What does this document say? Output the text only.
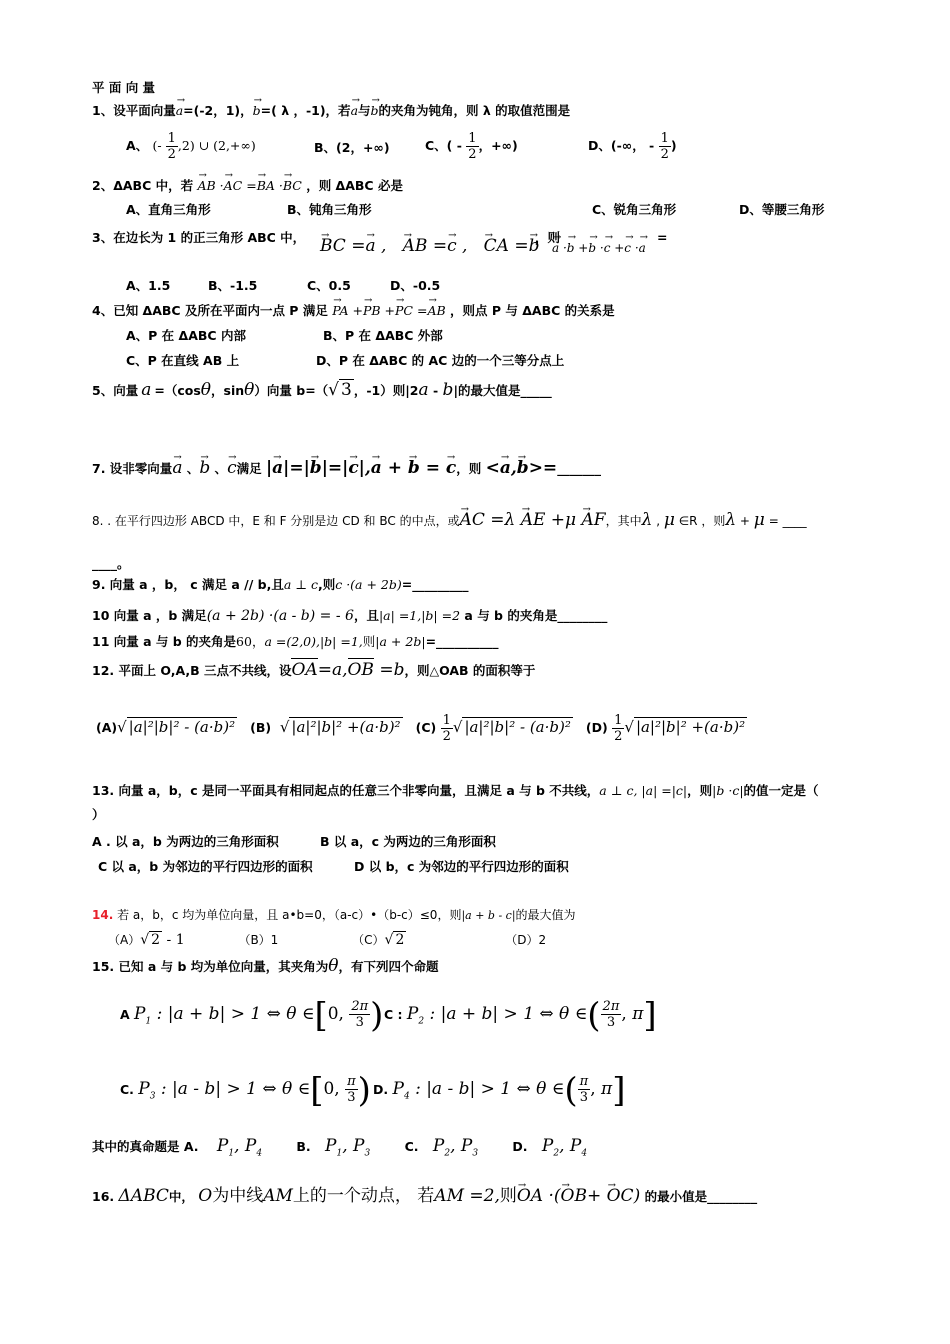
平 面 向 量
1、设平面向量→ a=(-2，1)，→ b=( λ ，-1)，若→ a与→ b的夹角为钝角，则 λ 的取值范围是
A、 (- $\frac{1}{2} ,2$) ∪ (2,+∞)	B、(2，+∞)	C、( - $\frac{1}{2}$ ，+∞)	D、(-∞， - $\frac{1}{2}$ )
2、ΔABC 中，若 → AB ·→ AC =→ BA ·→ BC ，则 ΔABC 必是
A、直角三角形	B、钝角三角形	C、锐角三角形	D、等腰三角形
3、在边长为 1 的正三角形 ABC 中， → BC =→ a ,   → AB =→ c ,   → CA =→ b
，则
→ a ·→ b +→ b ·→ c +→ c ·→ a
=
A、1.5	B、-1.5	C、0.5	D、-0.5
4、已知 ΔABC 及所在平面内一点 P 满足 → PA +→ PB +→ PC =→ AB ，则点 P 与 ΔABC 的关系是
A、P 在 ΔABC 内部	B、P 在 ΔABC 外部
C、P 在直线 AB 上	D、P 在 ΔABC 的 AC 边的一个三等分点上
5、向量 a =（cosθ，sinθ）向量 b=（√ 3 ，-1）则|2a - b|的最大值是_____
7. 设非零向量→ a 、→ b 、→ c满足 |→ a|=|→ b|=|→ c|,→ a + → b = → c，则 <→ a,→ b>=_______
8. . 在平行四边形 ABCD 中，E 和 F 分别是边 CD 和 BC 的中点，或→ AC =λ → AE +μ → AF，其中λ , μ ∈R ，则λ + μ = ____
____。
9. 向量 a ，b， c 满足 a // b,且a ⊥ c,则c ·(a + 2b)=_________
10 向量 a ，b 满足(a + 2b) ·(a - b) = - 6，且|a| =1,|b| =2 a 与 b 的夹角是________
11 向量 a 与 b 的夹角是60，a =(2,0),|b| =1,则|a + 2b|=__________
12. 平面上 O,A,B 三点不共线，设OA=a,OB =b，则△OAB 的面积等于
(A)√ |a|²|b|² - (a·b)² (B) √ |a|²|b|² +(a·b)² $(C) \frac{1}{2}$ √ |a|²|b|² - (a·b)² $(D) \frac{1}{2}$ √ |a|²|b|² +(a·b)²
13. 向量 a，b，c 是同一平面具有相同起点的任意三个非零向量，且满足 a 与 b 不共线，a ⊥ c, |a| =|c|，则|b ·c|的值一定是（
）
A . 以 a，b 为两边的三角形面积	B 以 a，c 为两边的三角形面积
C 以 a，b 为邻边的平行四边形的面积	D 以 b，c 为邻边的平行四边形的面积
14. 若 a，b，c 均为单位向量，且 a•b=0，（a-c）•（b-c）≤0，则|a + b - c|的最大值为
（A）√ 2 - 1	（B）1	（C）√ 2	（D）2
15. 已知 a 与 b 均为单位向量，其夹角为θ，有下列四个命题
A $P_1$ : |a + b| > 1 ⇔ θ ∈[0, $\frac{2\pi}{3}$ ) C : $P_2$ : |a + b| > 1 ⇔ θ ∈( $\frac{2\pi}{3}$ , π]
C. $P_3$ : |a - b| > 1 ⇔ θ ∈[0, $\frac{\pi}{3}$ ) D. $P_4$ : |a - b| > 1 ⇔ θ ∈( $\frac{\pi}{3}$ , π]
其中的真命题是 A. $P_1$, $P_4$	B. $P_1$, $P_3$	C. $P_2$, $P_3$	D. $P_2$, $P_4$
16. ΔABC中， O为中线AM上的一个动点， 若AM =2,则→ OA ·(→ OB+ → OC) 的最小值是________
